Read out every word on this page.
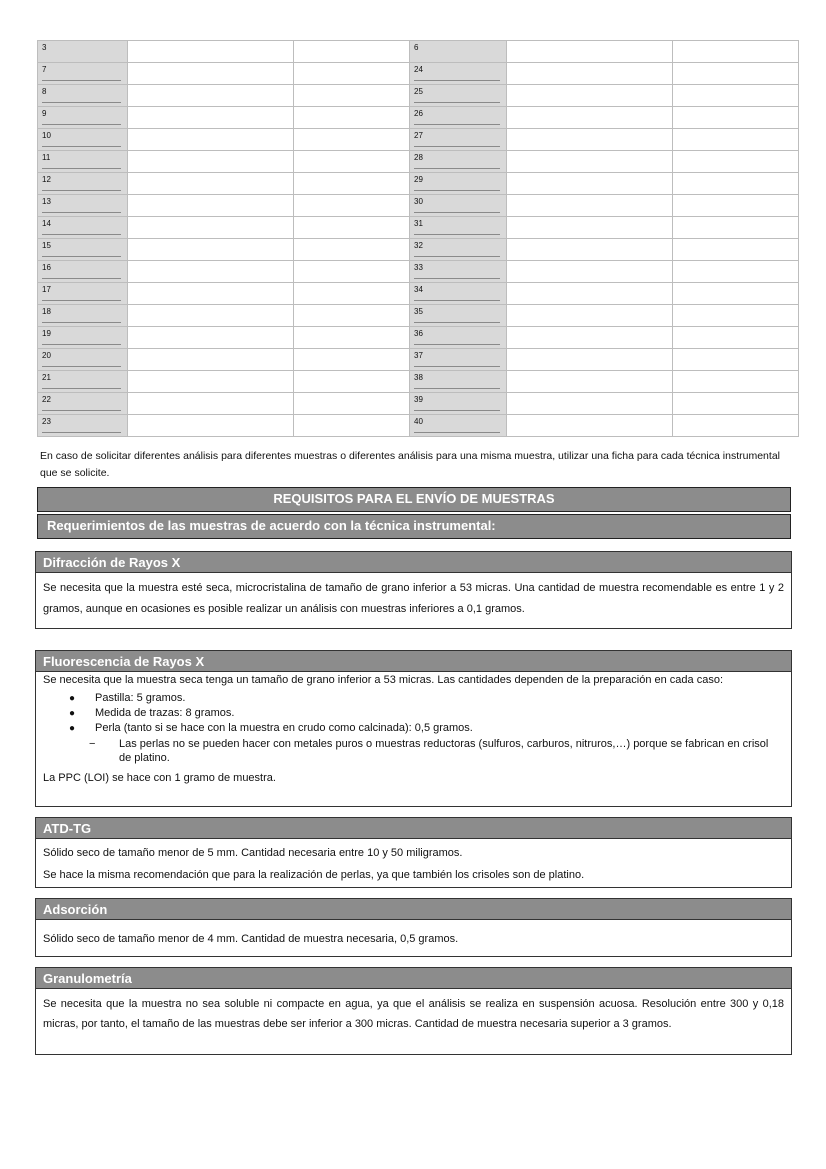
3			6		
7			24		
8			25		
9			26		
10			27		
11			28		
12			29		
13			30		
14			31		
15			32		
16			33		
17			34		
18			35		
19			36		
20			37		
21			38		
22			39		
23			40		
En caso de solicitar diferentes análisis para diferentes muestras o diferentes análisis para una misma muestra, utilizar una ficha para cada técnica instrumental que se solicite.
REQUISITOS PARA EL ENVÍO DE MUESTRAS
Requerimientos de las muestras de acuerdo con la técnica instrumental:
Difracción de Rayos X

Se necesita que la muestra esté seca, microcristalina de tamaño de grano inferior a 53 micras. Una cantidad de muestra recomendable es entre 1 y 2 gramos, aunque en ocasiones es posible realizar un análisis con muestras inferiores a 0,1 gramos.

Fluorescencia de Rayos X

Se necesita que la muestra seca tenga un tamaño de grano inferior a 53 micras. Las cantidades dependen de la preparación en cada caso:

● Pastilla: 5 gramos.
● Medida de trazas: 8 gramos.
● Perla (tanto si se hace con la muestra en crudo como calcinada): 0,5 gramos.
− Las perlas no se pueden hacer con metales puros o muestras reductoras (sulfuros, carburos, nitruros,…) porque se fabrican en crisol de platino.

La PPC (LOI) se hace con 1 gramo de muestra.

ATD-TG

Sólido seco de tamaño menor de 5 mm. Cantidad necesaria entre 10 y 50 miligramos.

Se hace la misma recomendación que para la realización de perlas, ya que también los crisoles son de platino.

Adsorción

Sólido seco de tamaño menor de 4 mm. Cantidad de muestra necesaria, 0,5 gramos.

Granulometría

Se necesita que la muestra no sea soluble ni compacte en agua, ya que el análisis se realiza en suspensión acuosa. Resolución entre 300 y 0,18 micras, por tanto, el tamaño de las muestras debe ser inferior a 300 micras. Cantidad de muestra necesaria superior a 3 gramos.
